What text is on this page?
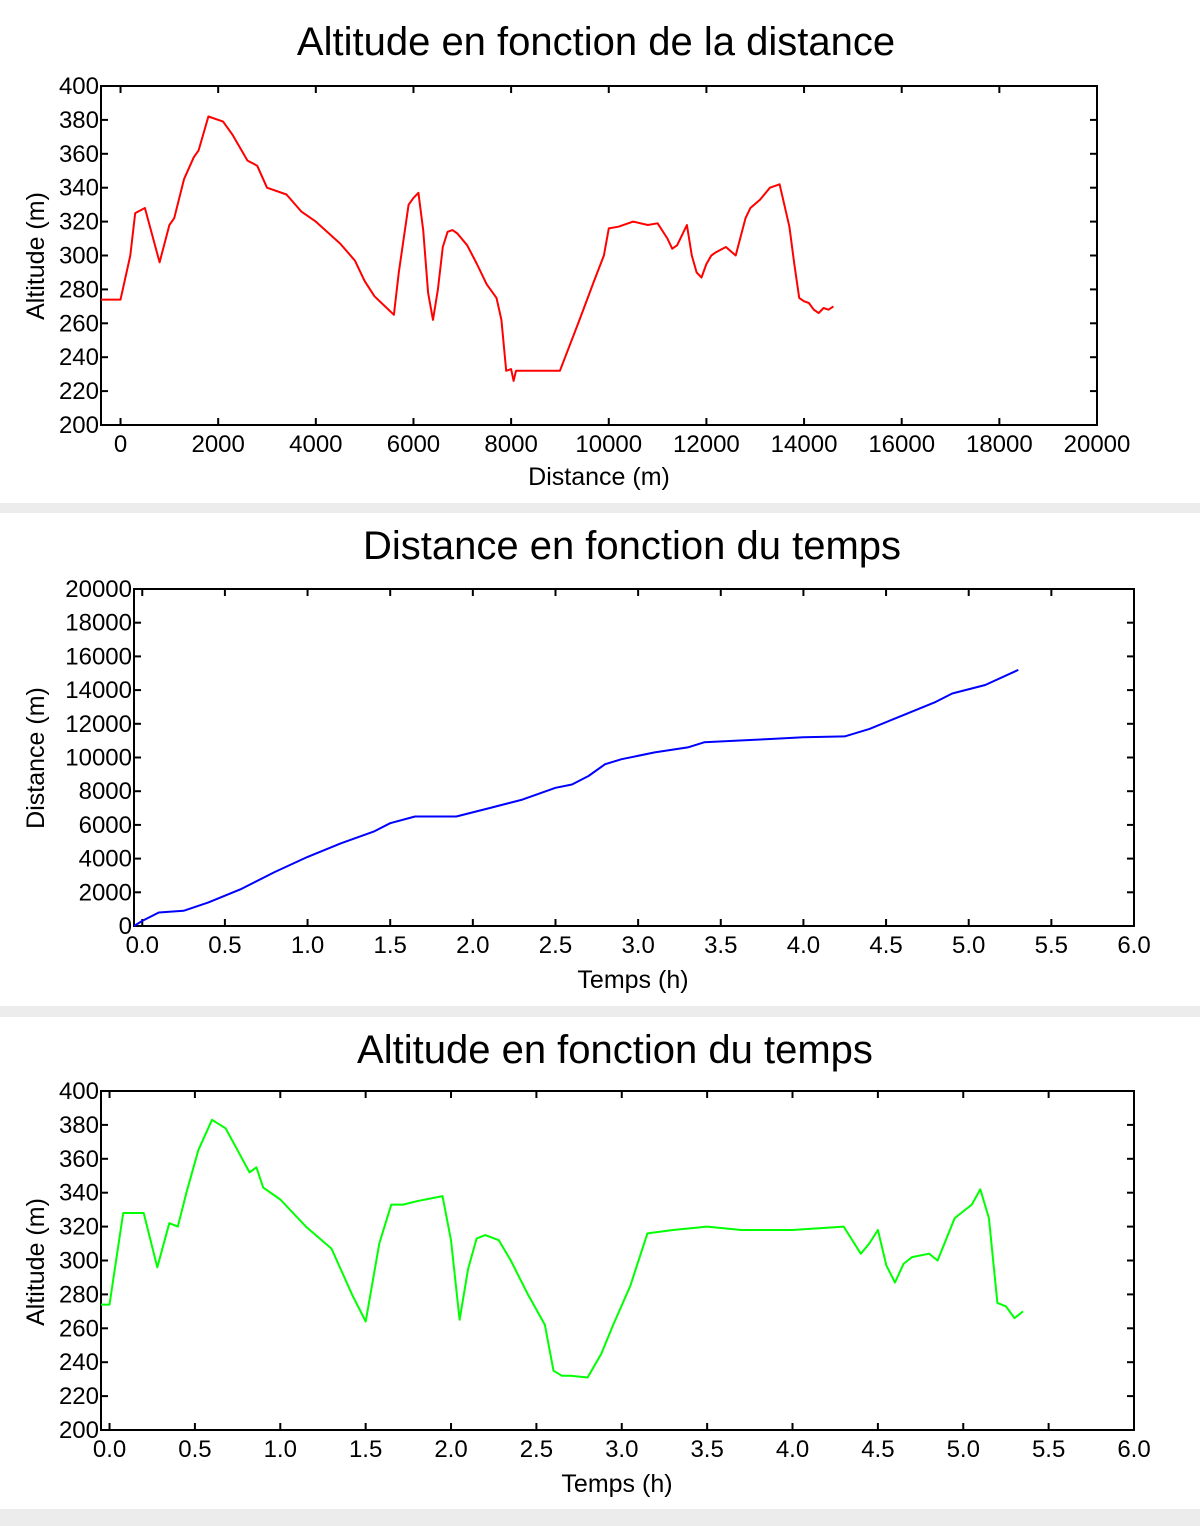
Altitude en fonction de la distance
200
220
240
260
280
300
320
340
360
380
400
0	2000 4000 6000 8000 10000 12000 14000 16000 18000 20000
Distance (m)
Altitude (m)
Distance en fonction du temps
0
2000
4000
6000
8000
10000
12000
14000
16000
18000
20000
0.0 0.5 1.0 1.5 2.0 2.5 3.0 3.5 4.0 4.5 5.0 5.5 6.0
Temps (h)
Distance (m)
Altitude en fonction du temps
200
220
240
260
280
300
320
340
360
380
400
0.0 0.5 1.0 1.5 2.0 2.5 3.0 3.5 4.0 4.5 5.0 5.5 6.0
Temps (h)
Altitude (m)
